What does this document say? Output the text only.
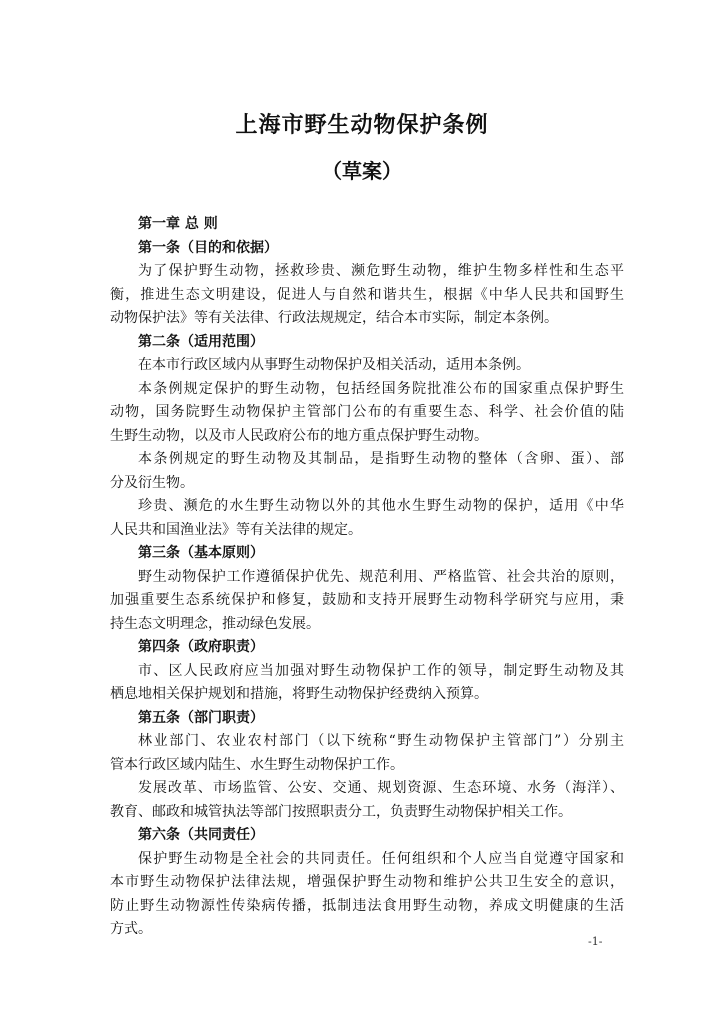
上海市野生动物保护条例
（草案）
第一章 总 则
第一条（目的和依据）
为了保护野生动物，拯救珍贵、濒危野生动物，维护生物多样性和生态平
衡，推进生态文明建设，促进人与自然和谐共生，根据《中华人民共和国野生
动物保护法》等有关法律、行政法规规定，结合本市实际，制定本条例。
第二条（适用范围）
在本市行政区域内从事野生动物保护及相关活动，适用本条例。
本条例规定保护的野生动物，包括经国务院批准公布的国家重点保护野生
动物，国务院野生动物保护主管部门公布的有重要生态、科学、社会价值的陆
生野生动物，以及市人民政府公布的地方重点保护野生动物。
本条例规定的野生动物及其制品，是指野生动物的整体（含卵、蛋）、部
分及衍生物。
珍贵、濒危的水生野生动物以外的其他水生野生动物的保护，适用《中华
人民共和国渔业法》等有关法律的规定。
第三条（基本原则）
野生动物保护工作遵循保护优先、规范利用、严格监管、社会共治的原则，
加强重要生态系统保护和修复，鼓励和支持开展野生动物科学研究与应用，秉
持生态文明理念，推动绿色发展。
第四条（政府职责）
市、区人民政府应当加强对野生动物保护工作的领导，制定野生动物及其
栖息地相关保护规划和措施，将野生动物保护经费纳入预算。
第五条（部门职责）
林业部门、农业农村部门（以下统称“野生动物保护主管部门”）分别主
管本行政区域内陆生、水生野生动物保护工作。
发展改革、市场监管、公安、交通、规划资源、生态环境、水务（海洋）、
教育、邮政和城管执法等部门按照职责分工，负责野生动物保护相关工作。
第六条（共同责任）
保护野生动物是全社会的共同责任。任何组织和个人应当自觉遵守国家和
本市野生动物保护法律法规，增强保护野生动物和维护公共卫生安全的意识，
防止野生动物源性传染病传播，抵制违法食用野生动物，养成文明健康的生活
方式。
-1-
